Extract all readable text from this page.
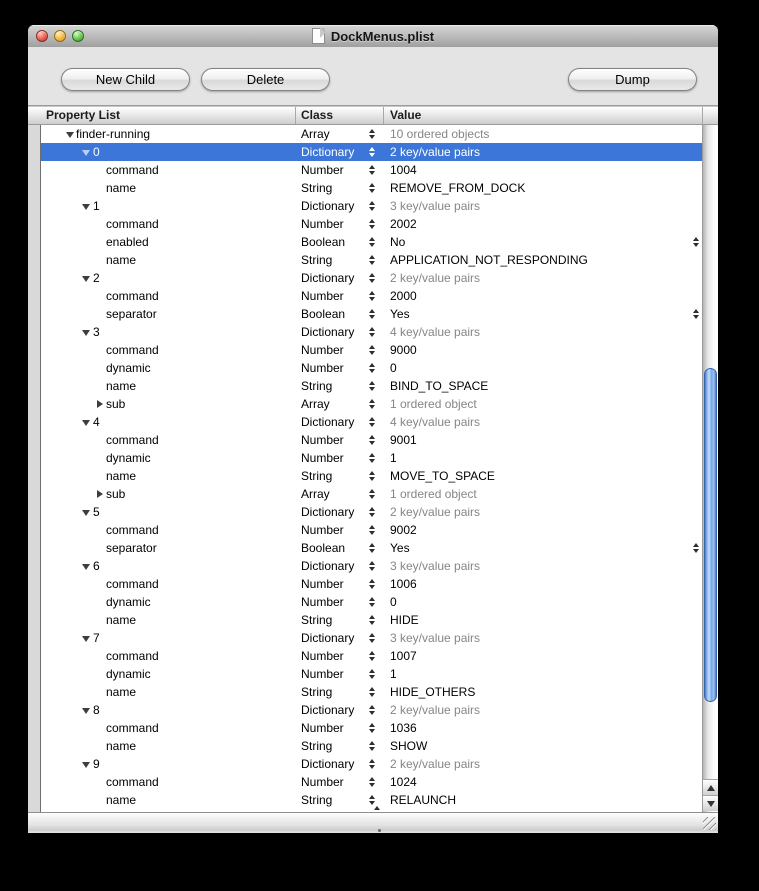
DockMenus.plist
New Child	Delete	Dump
Property List	Class	Value
finder-running	Array	10 ordered objects
0	Dictionary	2 key/value pairs
command	Number	1004
name	String	REMOVE_FROM_DOCK
1	Dictionary	3 key/value pairs
command	Number	2002
enabled	Boolean	No
name	String	APPLICATION_NOT_RESPONDING
2	Dictionary	2 key/value pairs
command	Number	2000
separator	Boolean	Yes
3	Dictionary	4 key/value pairs
command	Number	9000
dynamic	Number	0
name	String	BIND_TO_SPACE
sub	Array	1 ordered object
4	Dictionary	4 key/value pairs
command	Number	9001
dynamic	Number	1
name	String	MOVE_TO_SPACE
sub	Array	1 ordered object
5	Dictionary	2 key/value pairs
command	Number	9002
separator	Boolean	Yes
6	Dictionary	3 key/value pairs
command	Number	1006
dynamic	Number	0
name	String	HIDE
7	Dictionary	3 key/value pairs
command	Number	1007
dynamic	Number	1
name	String	HIDE_OTHERS
8	Dictionary	2 key/value pairs
command	Number	1036
name	String	SHOW
9	Dictionary	2 key/value pairs
command	Number	1024
name	String	RELAUNCH
